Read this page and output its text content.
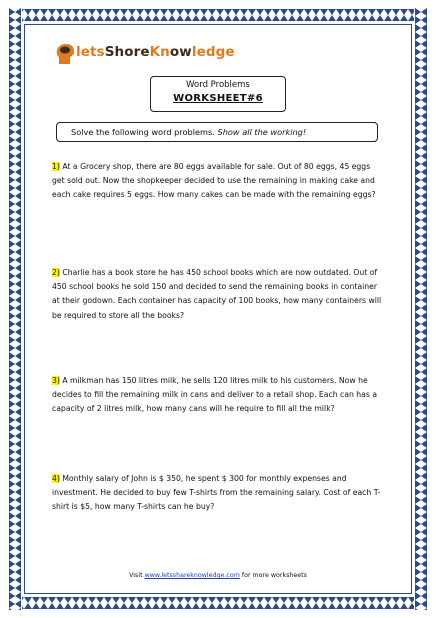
letsShoreKnowledge
Word Problems
WORKSHEET#6
Solve the following word problems. Show all the working!
1) At a Grocery shop, there are 80 eggs available for sale. Out of 80 eggs, 45 eggs get sold out. Now the shopkeeper decided to use the remaining in making cake and each cake requires 5 eggs. How many cakes can be made with the remaining eggs?
2) Charlie has a book store he has 450 school books which are now outdated. Out of 450 school books he sold 150 and decided to send the remaining books in container at their godown. Each container has capacity of 100 books, how many containers will be required to store all the books?
3) A milkman has 150 litres milk, he sells 120 litres milk to his customers. Now he decides to fill the remaining milk in cans and deliver to a retail shop. Each can has a capacity of 2 litres milk, how many cans will he require to fill all the milk?
4) Monthly salary of John is $ 350, he spent $ 300 for monthly expenses and investment. He decided to buy few T-shirts from the remaining salary. Cost of each T-shirt is $5, how many T-shirts can he buy?
Visit www.letsshareknowledge.com for more worksheets
